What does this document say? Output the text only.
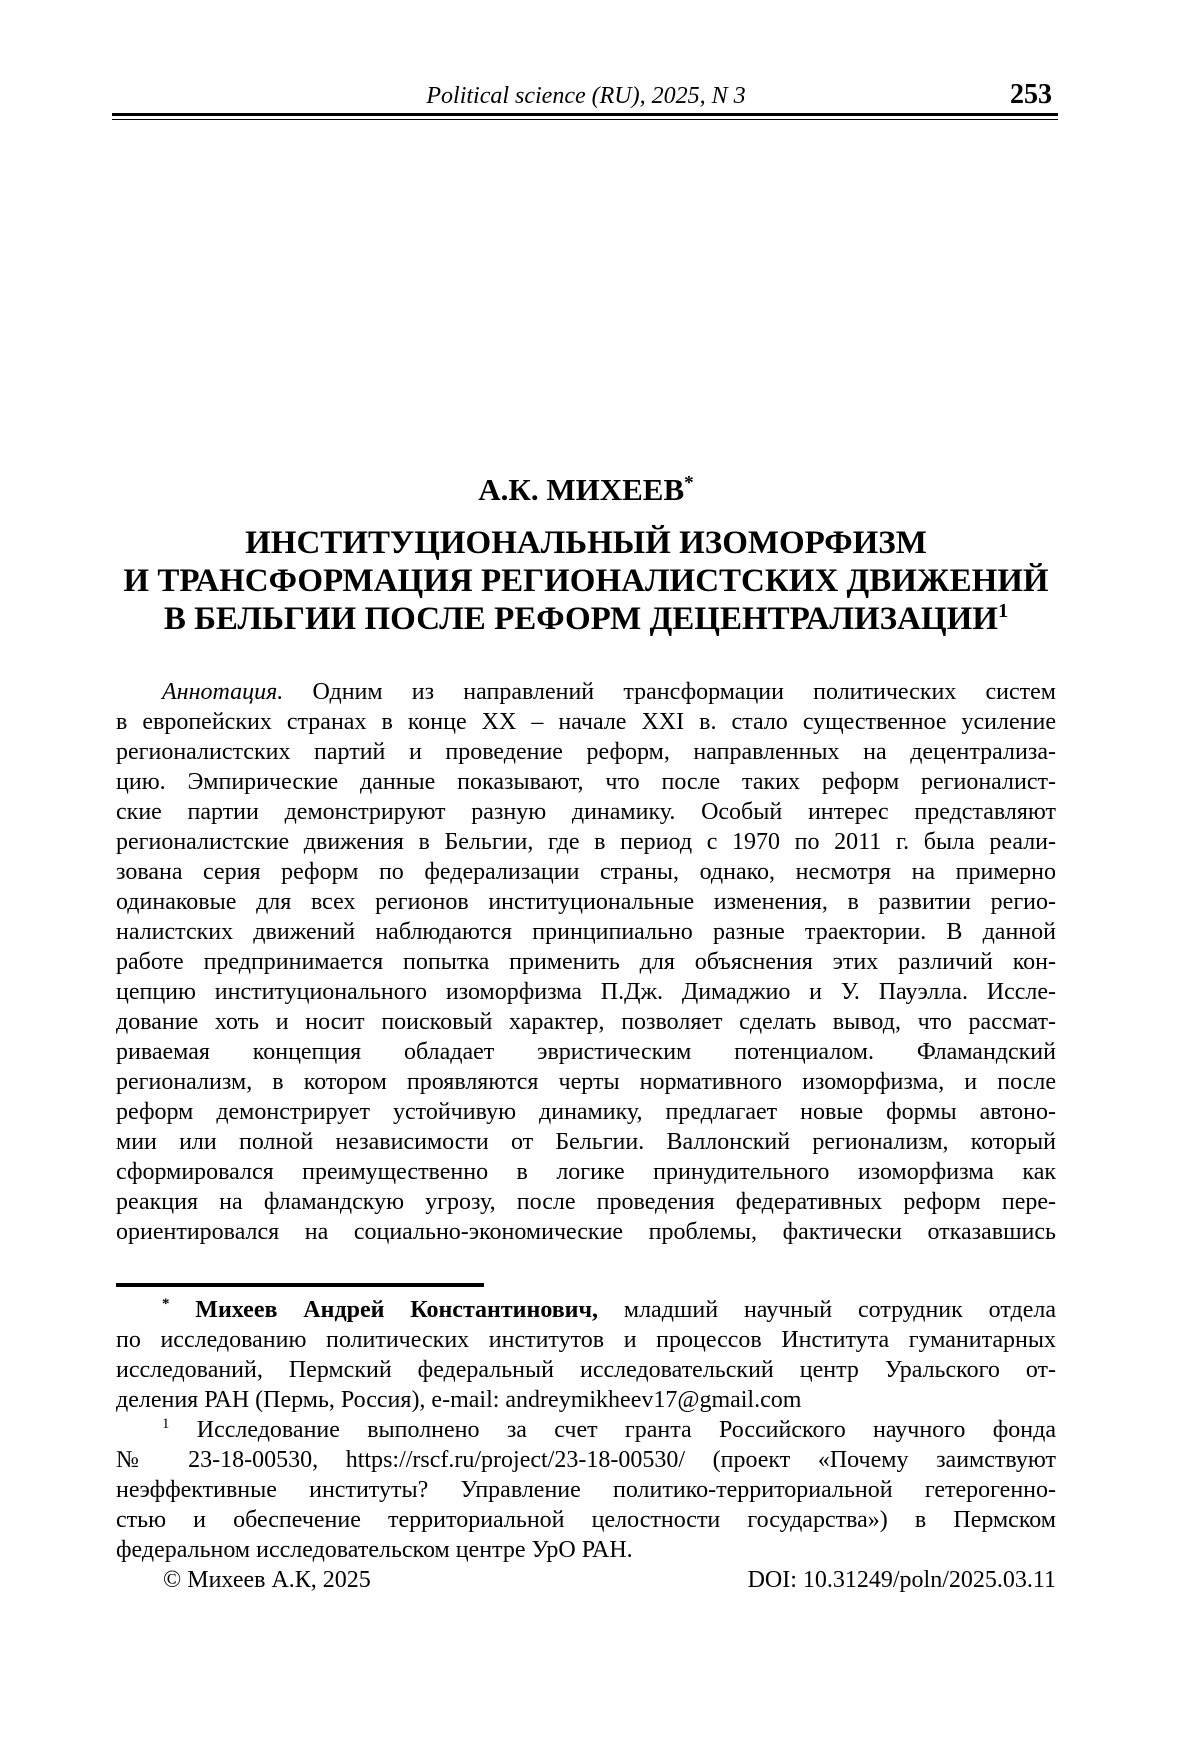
Political science (RU), 2025, N 3	253
А.К. МИХЕЕВ*
ИНСТИТУЦИОНАЛЬНЫЙ ИЗОМОРФИЗМ
И ТРАНСФОРМАЦИЯ РЕГИОНАЛИСТСКИХ ДВИЖЕНИЙ
В БЕЛЬГИИ ПОСЛЕ РЕФОРМ ДЕЦЕНТРАЛИЗАЦИИ$^1$
Аннотация. Одним из направлений трансформации политических систем
в европейских странах в конце XX – начале XXI в. стало существенное усиление
регионалистских партий и проведение реформ, направленных на децентрализа-
цию. Эмпирические данные показывают, что после таких реформ регионалист-
ские партии демонстрируют разную динамику. Особый интерес представляют
регионалистские движения в Бельгии, где в период с 1970 по 2011 г. была реали-
зована серия реформ по федерализации страны, однако, несмотря на примерно
одинаковые для всех регионов институциональные изменения, в развитии регио-
налистских движений наблюдаются принципиально разные траектории. В данной
работе предпринимается попытка применить для объяснения этих различий кон-
цепцию институционального изоморфизма П.Дж. Димаджио и У. Пауэлла. Иссле-
дование хоть и носит поисковый характер, позволяет сделать вывод, что рассмат-
риваемая концепция обладает эвристическим потенциалом. Фламандский
регионализм, в котором проявляются черты нормативного изоморфизма, и после
реформ демонстрирует устойчивую динамику, предлагает новые формы автоно-
мии или полной независимости от Бельгии. Валлонский регионализм, который
сформировался преимущественно в логике принудительного изоморфизма как
реакция на фламандскую угрозу, после проведения федеративных реформ пере-
ориентировался на социально-экономические проблемы, фактически отказавшись
* Михеев Андрей Константинович, младший научный сотрудник отдела
по исследованию политических институтов и процессов Института гуманитарных
исследований, Пермский федеральный исследовательский центр Уральского от-
деления РАН (Пермь, Россия), e-mail: andreymikheev17@gmail.com
$^1$ Исследование выполнено за счет гранта Российского научного фонда
№ 23-18-00530, https://rscf.ru/project/23-18-00530/ (проект «Почему заимствуют
неэффективные институты? Управление политико-территориальной гетерогенно-
стью и обеспечение территориальной целостности государства») в Пермском
федеральном исследовательском центре УрО РАН.
© Михеев А.К, 2025	DOI: 10.31249/poln/2025.03.11
